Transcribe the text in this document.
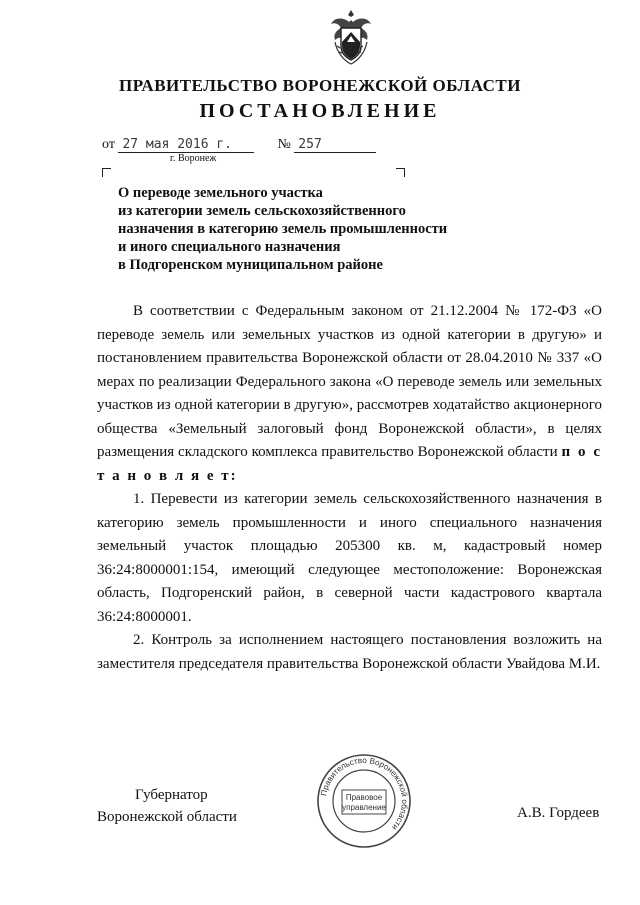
ПРАВИТЕЛЬСТВО ВОРОНЕЖСКОЙ ОБЛАСТИ
ПОСТАНОВЛЕНИЕ
от 27 мая 2016 г.	№ 257
г. Воронеж
О переводе земельного участка
из категории земель сельскохозяйственного
назначения в категорию земель промышленности
и иного специального назначения
в Подгоренском муниципальном районе

В соответствии с Федеральным законом от 21.12.2004 № 172-ФЗ «О переводе земель или земельных участков из одной категории в другую» и постановлением правительства Воронежской области от 28.04.2010 № 337 «О мерах по реализации Федерального закона «О переводе земель или земельных участков из одной категории в другую», рассмотрев ходатайство акционерного общества «Земельный залоговый фонд Воронежской области», в целях размещения складского комплекса правительство Воронежской области п о с т а н о в л я е т:

1. Перевести из категории земель сельскохозяйственного назначения в категорию земель промышленности и иного специального назначения земельный участок площадью 205300 кв. м, кадастровый номер 36:24:8000001:154, имеющий следующее местоположение: Воронежская область, Подгоренский район, в северной части кадастрового квартала 36:24:8000001.

2. Контроль за исполнением настоящего постановления возложить на заместителя председателя правительства Воронежской области Увайдова М.И.

Губернатор
Воронежской области
Правительство Воронежской области
Правовое
управление	А.В. Гордеев
